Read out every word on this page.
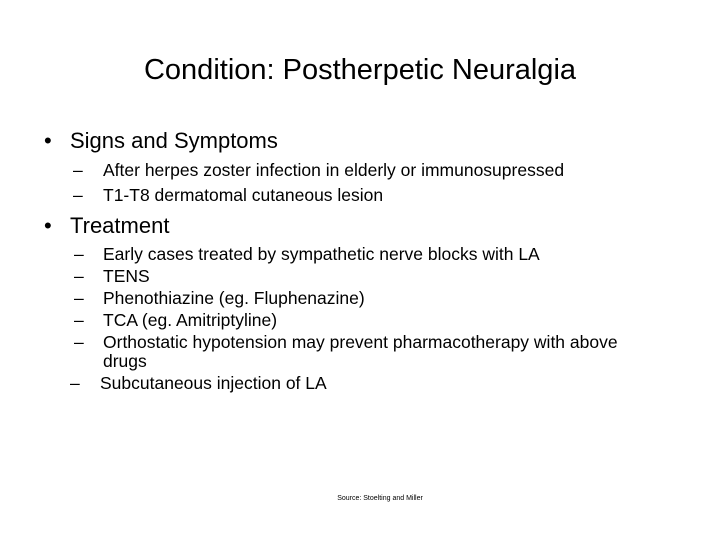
Condition: Postherpetic Neuralgia
• Signs and Symptoms
– After herpes zoster infection in elderly or immunosupressed
– T1-T8 dermatomal cutaneous lesion
• Treatment
– Early cases treated by sympathetic nerve blocks with LA
– TENS
– Phenothiazine (eg. Fluphenazine)
– TCA (eg. Amitriptyline)
– Orthostatic hypotension may prevent pharmacotherapy with above drugs
– Subcutaneous injection of LA
Source: Stoelting and Miller
